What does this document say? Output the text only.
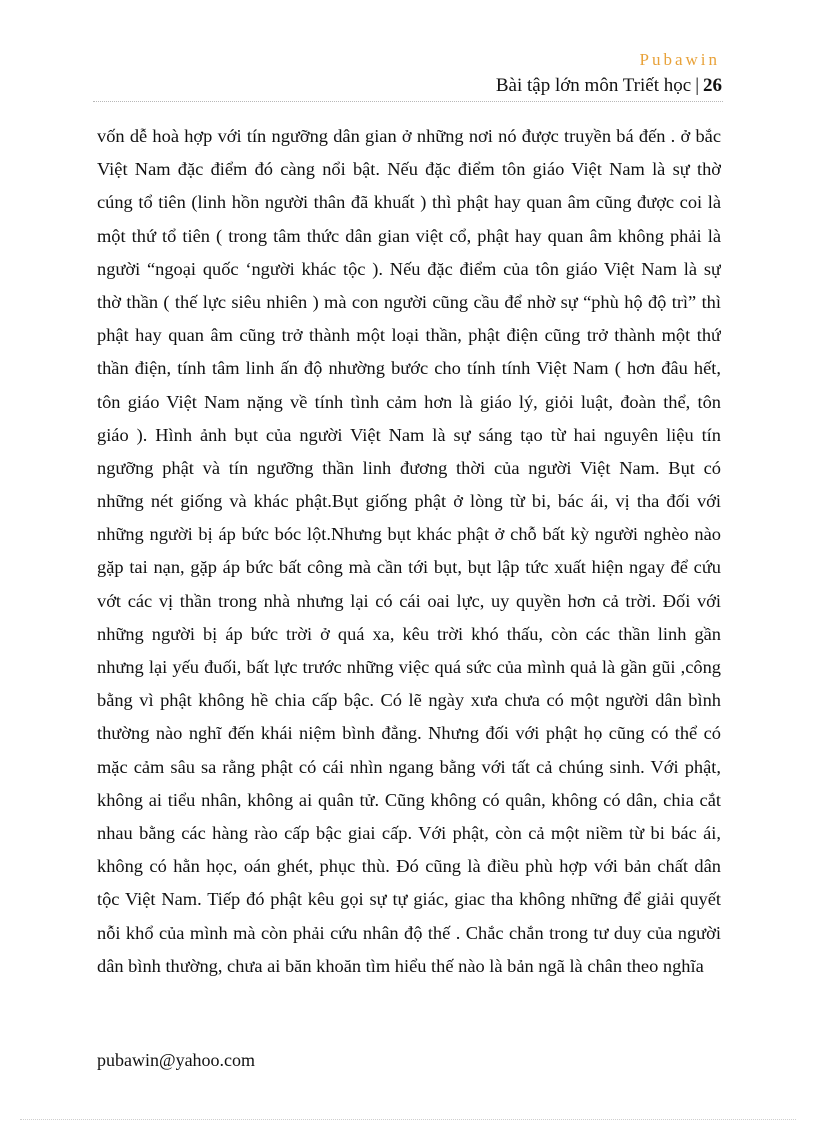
Pubawin
Bài tập lớn môn Triết học | 26
vốn dễ hoà hợp với tín ngưỡng dân gian ở những nơi nó được truyền bá đến . ở bắc
Việt Nam đặc điểm đó càng nổi bật. Nếu đặc điểm tôn giáo Việt Nam là sự thờ
cúng tổ tiên (linh hồn người thân đã khuất ) thì phật hay quan âm cũng được coi là
một thứ tổ tiên ( trong tâm thức dân gian việt cổ, phật hay quan âm không phải là
người “ngoại quốc ‘người khác tộc ). Nếu đặc điểm của tôn giáo Việt Nam là sự
thờ thần ( thế lực siêu nhiên ) mà con người cũng cầu để nhờ sự “phù hộ độ trì” thì
phật hay quan âm cũng trở thành một loại thần, phật điện cũng trở thành một thứ
thần điện, tính tâm linh ấn độ nhường bước cho tính tính Việt Nam ( hơn đâu hết,
tôn giáo Việt Nam nặng về tính tình cảm hơn là giáo lý, giỏi luật, đoàn thể, tôn
giáo ). Hình ảnh bụt của người Việt Nam là sự sáng tạo từ hai nguyên liệu tín
ngưỡng phật và tín ngưỡng thần linh đương thời của người Việt Nam. Bụt có
những nét giống và khác phật.Bụt giống phật ở lòng từ bi, bác ái, vị tha đối với
những người bị áp bức bóc lột.Nhưng bụt khác phật ở chỗ bất kỳ người nghèo nào
gặp tai nạn, gặp áp bức bất công mà cần tới bụt, bụt lập tức xuất hiện ngay để cứu
vớt các vị thần trong nhà nhưng lại có cái oai lực, uy quyền hơn cả trời. Đối với
những người bị áp bức trời ở quá xa, kêu trời khó thấu, còn các thần linh gần
nhưng lại yếu đuối, bất lực trước những việc quá sức của mình quả là gần gũi ,công
bằng vì phật không hề chia cấp bậc. Có lẽ ngày xưa chưa có một người dân bình
thường nào nghĩ đến khái niệm bình đẳng. Nhưng đối với phật họ cũng có thể có
mặc cảm sâu sa rằng phật có cái nhìn ngang bằng với tất cả chúng sinh. Với phật,
không ai tiểu nhân, không ai quân tử. Cũng không có quân, không có dân, chia cắt
nhau bằng các hàng rào cấp bậc giai cấp. Với phật, còn cả một niềm từ bi bác ái,
không có hằn học, oán ghét, phục thù. Đó cũng là điều phù hợp với bản chất dân
tộc Việt Nam. Tiếp đó phật kêu gọi sự tự giác, giac tha không những để giải quyết
nỗi khổ của mình mà còn phải cứu nhân độ thế . Chắc chắn trong tư duy của người
dân bình thường, chưa ai băn khoăn tìm hiểu thế nào là bản ngã là chân theo nghĩa
pubawin@yahoo.com
